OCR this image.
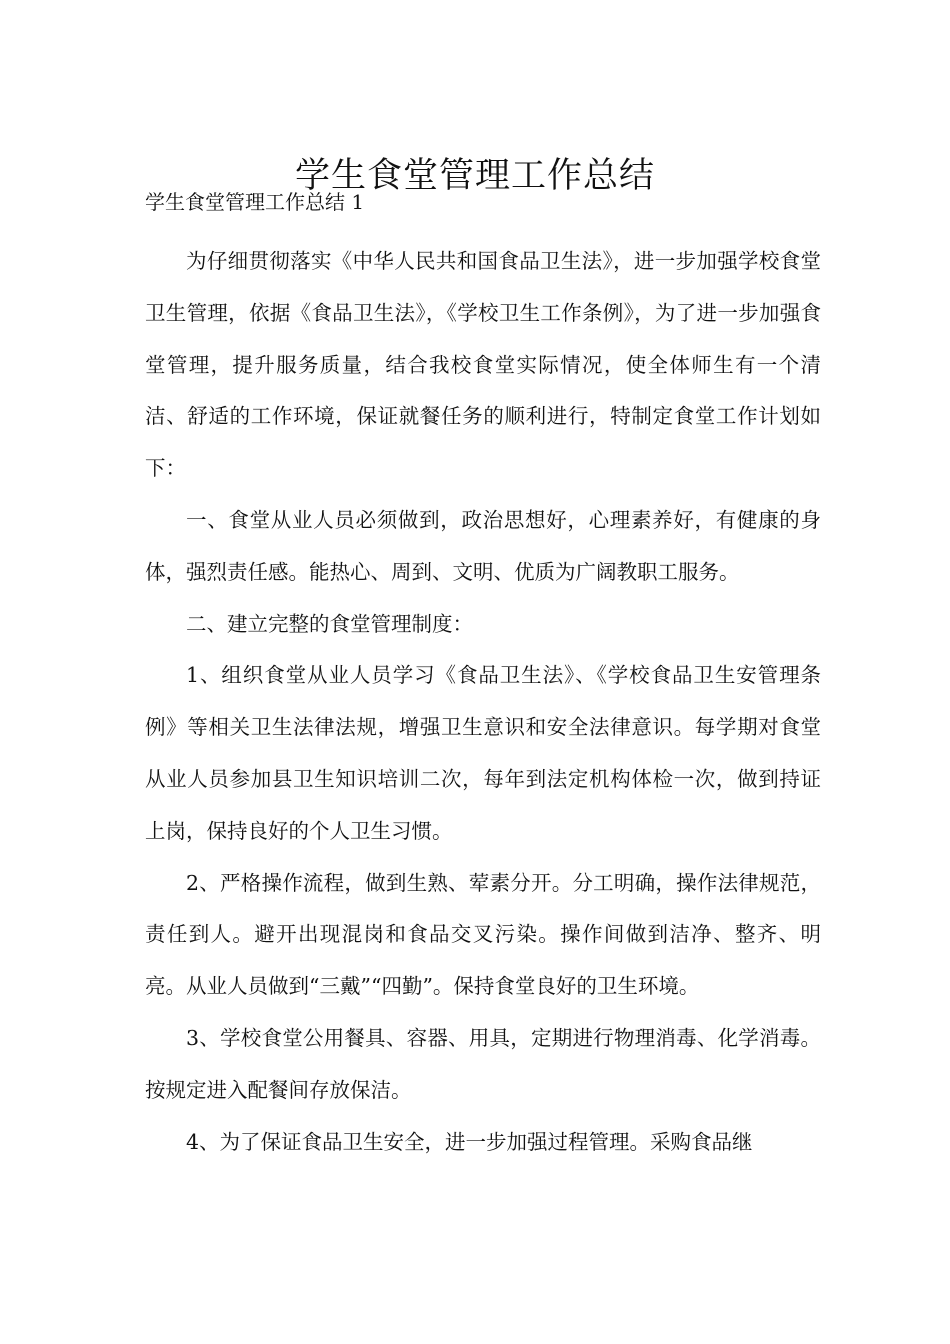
学生食堂管理工作总结
学生食堂管理工作总结 1

为仔细贯彻落实《中华人民共和国食品卫生法》，进一步加强学校食堂卫生管理，依据《食品卫生法》，《学校卫生工作条例》，为了进一步加强食堂管理，提升服务质量，结合我校食堂实际情况，使全体师生有一个清洁、舒适的工作环境，保证就餐任务的顺利进行，特制定食堂工作计划如下：

一、食堂从业人员必须做到，政治思想好，心理素养好，有健康的身体，强烈责任感。能热心、周到、文明、优质为广阔教职工服务。

二、建立完整的食堂管理制度：

1、组织食堂从业人员学习《食品卫生法》、《学校食品卫生安管理条例》等相关卫生法律法规，增强卫生意识和安全法律意识。每学期对食堂从业人员参加县卫生知识培训二次，每年到法定机构体检一次，做到持证上岗，保持良好的个人卫生习惯。

2、严格操作流程，做到生熟、荤素分开。分工明确，操作法律规范，责任到人。避开出现混岗和食品交叉污染。操作间做到洁净、整齐、明亮。从业人员做到“三戴”“四勤”。保持食堂良好的卫生环境。

3、学校食堂公用餐具、容器、用具，定期进行物理消毒、化学消毒。按规定进入配餐间存放保洁。

4、为了保证食品卫生安全，进一步加强过程管理。采购食品继
